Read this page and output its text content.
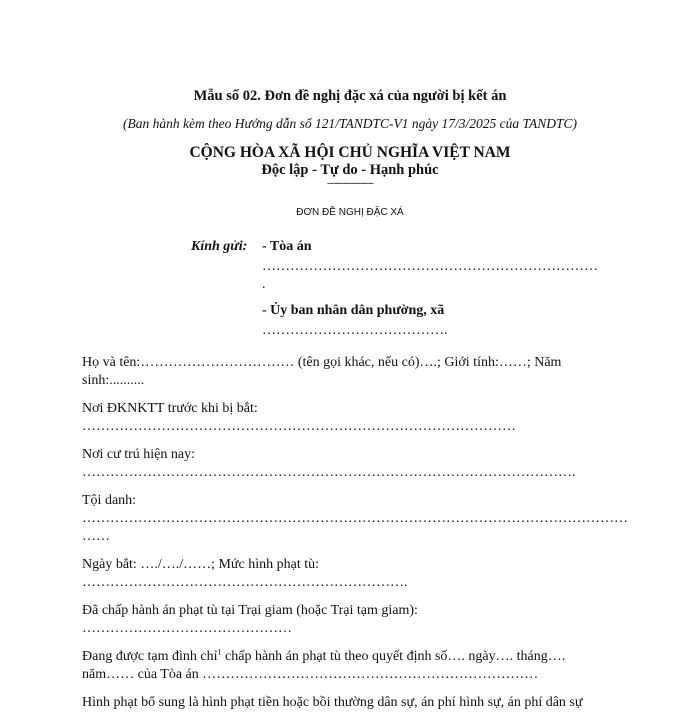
Mẫu số 02. Đơn đề nghị đặc xá của người bị kết án
(Ban hành kèm theo Hướng dẫn số 121/TANDTC-V1 ngày 17/3/2025 của TANDTC)
CỘNG HÒA XÃ HỘI CHỦ NGHĨA VIỆT NAM
Độc lập - Tự do - Hạnh phúc
—————
ĐƠN ĐỀ NGHỊ ĐẶC XÁ
Kính gửi: - Tòa án
………………………………………………………………
.
- Ủy ban nhân dân phường, xã
………………………………….
Họ và tên:…………………………… (tên gọi khác, nếu có)….; Giới tính:……; Năm
sinh:..........
Nơi ĐKNKTT trước khi bị bắt:
…………………………………………………………………………………
Nơi cư trú hiện nay:
…………………………………………………………………………………………….
Tội danh:
………………………………………………………………………………………………………
……
Ngày bắt: …./…./……; Mức hình phạt tù:
…………………………………………………………….
Đã chấp hành án phạt tù tại Trại giam (hoặc Trại tạm giam):
………………………………………
Đang được tạm đình chỉ$^1$ chấp hành án phạt tù theo quyết định số…. ngày…. tháng….
năm…… của Tòa án ………………………………………………………………
Hình phạt bổ sung là hình phạt tiền hoặc bồi thường dân sự, án phí hình sự, án phí dân sự
